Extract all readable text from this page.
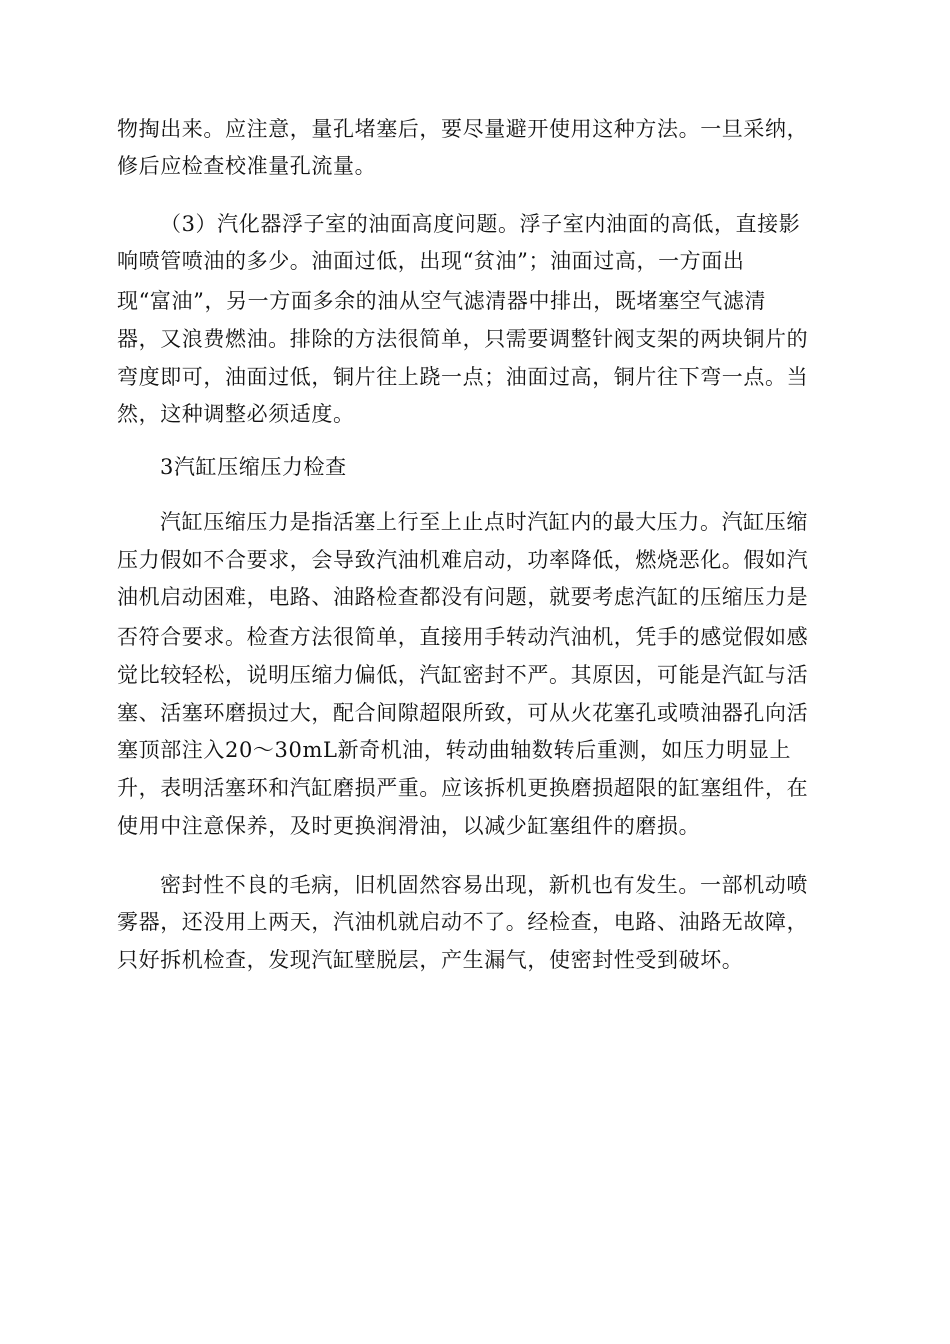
物掏出来。应注意，量孔堵塞后，要尽量避开使用这种方法。一旦采纳，
修后应检查校准量孔流量。
（3）汽化器浮子室的油面高度问题。浮子室内油面的高低，直接影
响喷管喷油的多少。油面过低，出现“贫油”；油面过高，一方面出
现“富油”，另一方面多余的油从空气滤清器中排出，既堵塞空气滤清
器，又浪费燃油。排除的方法很简单，只需要调整针阀支架的两块铜片的
弯度即可，油面过低，铜片往上跷一点；油面过高，铜片往下弯一点。当
然，这种调整必须适度。
3汽缸压缩压力检查
汽缸压缩压力是指活塞上行至上止点时汽缸内的最大压力。汽缸压缩
压力假如不合要求，会导致汽油机难启动，功率降低，燃烧恶化。假如汽
油机启动困难，电路、油路检查都没有问题，就要考虑汽缸的压缩压力是
否符合要求。检查方法很简单，直接用手转动汽油机，凭手的感觉假如感
觉比较轻松，说明压缩力偏低，汽缸密封不严。其原因，可能是汽缸与活
塞、活塞环磨损过大，配合间隙超限所致，可从火花塞孔或喷油器孔向活
塞顶部注入20～30mL新奇机油，转动曲轴数转后重测，如压力明显上
升，表明活塞环和汽缸磨损严重。应该拆机更换磨损超限的缸塞组件，在
使用中注意保养，及时更换润滑油，以减少缸塞组件的磨损。
密封性不良的毛病，旧机固然容易出现，新机也有发生。一部机动喷
雾器，还没用上两天，汽油机就启动不了。经检查，电路、油路无故障，
只好拆机检查，发现汽缸壁脱层，产生漏气，使密封性受到破坏。
